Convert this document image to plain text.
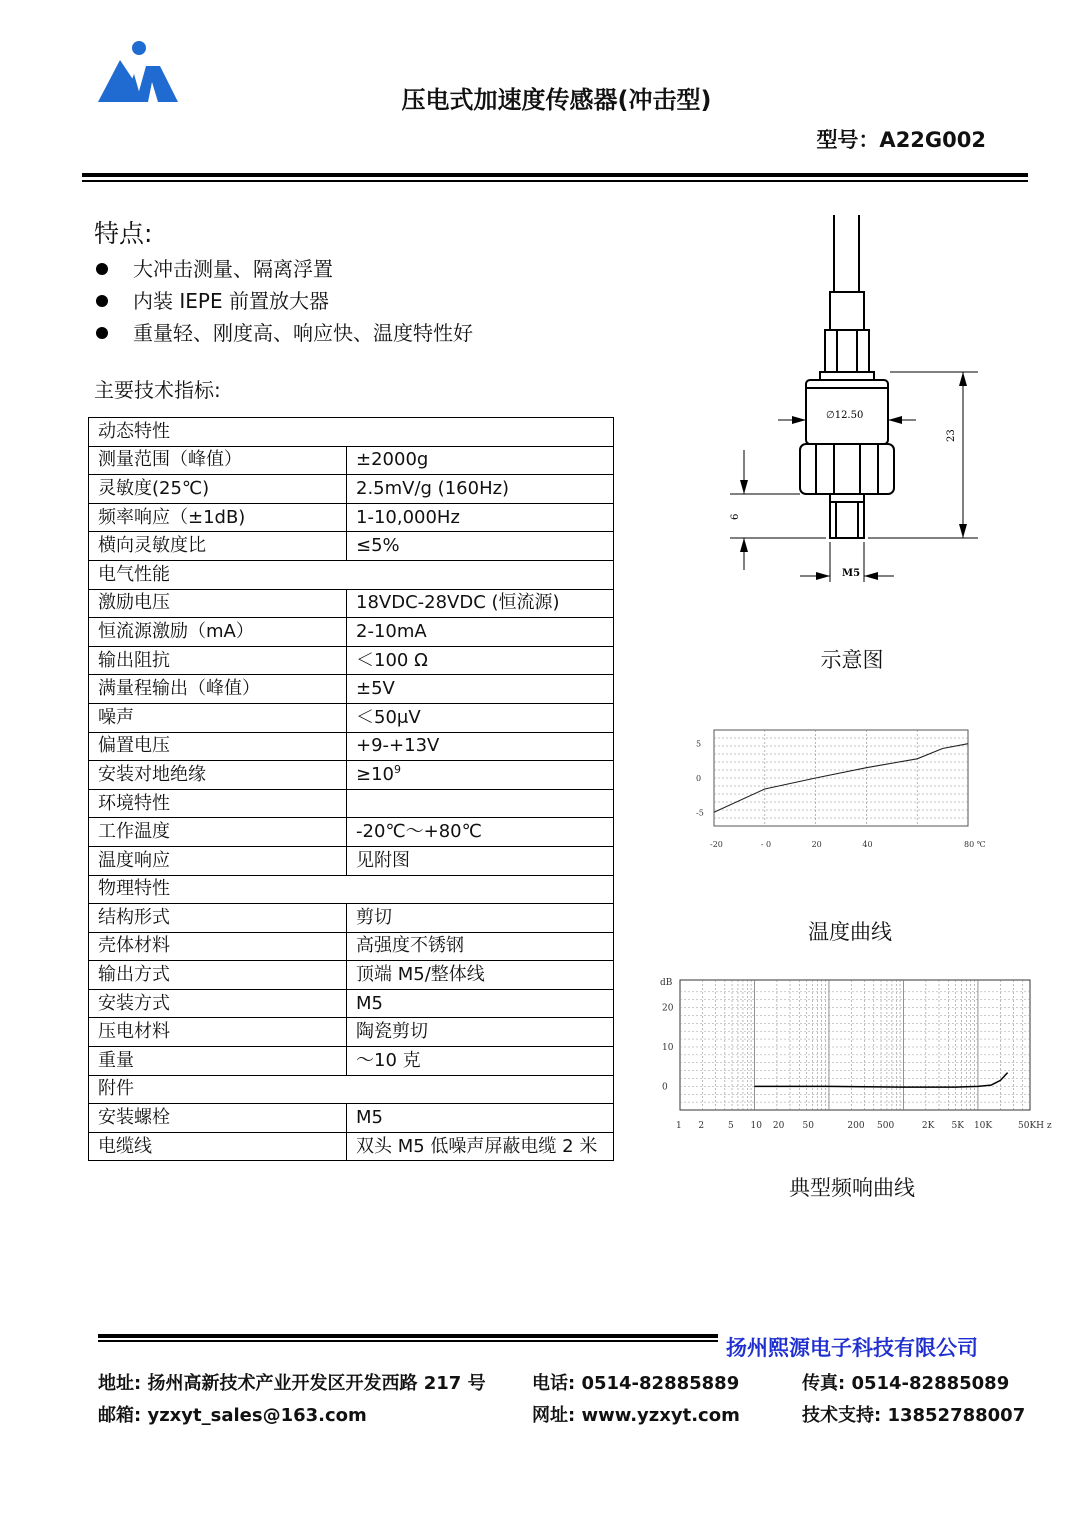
压电式加速度传感器(冲击型)
型号：A22G002
特点:
大冲击测量、隔离浮置
内装 IEPE 前置放大器
重量轻、刚度高、响应快、温度特性好
主要技术指标:
动态特性	
测量范围（峰值）	±2000g
灵敏度(25℃)	2.5mV/g (160Hz)
频率响应（±1dB)	1-10,000Hz
横向灵敏度比	≤5%
电气性能	
激励电压	18VDC-28VDC (恒流源)
恒流源激励（mA）	2-10mA
输出阻抗	＜100 Ω
满量程输出（峰值）	±5V
噪声	＜50μV
偏置电压	+9-+13V
安装对地绝缘	$\ge 10^9$
环境特性	
工作温度	-20℃～+80℃
温度响应	见附图
物理特性	
结构形式	剪切
壳体材料	高强度不锈钢
输出方式	顶端 M5/整体线
安装方式	M5
压电材料	陶瓷剪切
重量	～10 克
附件	
安装螺栓	M5
电缆线	双头 M5 低噪声屏蔽电缆 2 米
∅12.50
23
6
M5
示意图
5
0
-5
-20	- 0	20	40	80 ℃
温度曲线
dB
20
10
0
1 2	5 10 20 50	200 500	2K 5K 10K	50KH z
典型频响曲线
扬州熙源电子科技有限公司
地址: 扬州高新技术产业开发区开发西路 217 号	电话: 0514-82885889	传真: 0514-82885089
邮箱: yzxyt_sales@163.com	网址: www.yzxyt.com	技术支持: 13852788007
